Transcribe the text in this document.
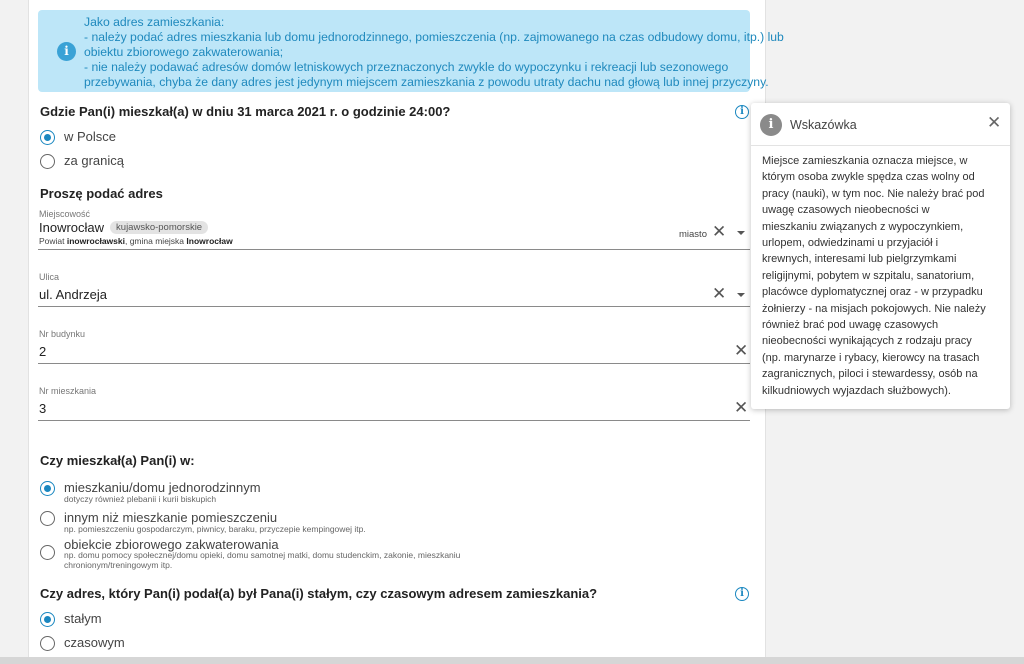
i
Jako adres zamieszkania:
- należy podać adres mieszkania lub domu jednorodzinnego, pomieszczenia (np. zajmowanego na czas odbudowy domu, itp.) lub
obiektu zbiorowego zakwaterowania;
- nie należy podawać adresów domów letniskowych przeznaczonych zwykle do wypoczynku i rekreacji lub sezonowego
przebywania, chyba że dany adres jest jedynym miejscem zamieszkania z powodu utraty dachu nad głową lub innej przyczyny.
Gdzie Pan(i) mieszkał(a) w dniu 31 marca 2021 r. o godzinie 24:00?	i
w Polsce
za granicą
Proszę podać adres
Miejscowość
Inowrocław kujawsko-pomorskie
Powiat inowrocławski, gmina miejska Inowrocław
miasto ✕
Ulica
ul. Andrzeja	✕
Nr budynku
2	✕
Nr mieszkania
3	✕
Czy mieszkał(a) Pan(i) w:
mieszkaniu/domu jednorodzinnym
dotyczy również plebanii i kurii biskupich
innym niż mieszkanie pomieszczeniu
np. pomieszczeniu gospodarczym, piwnicy, baraku, przyczepie kempingowej itp.
obiekcie zbiorowego zakwaterowania
np. domu pomocy społecznej/domu opieki, domu samotnej matki, domu studenckim, zakonie, mieszkaniu
chronionym/treningowym itp.
Czy adres, który Pan(i) podał(a) był Pana(i) stałym, czy czasowym adresem zamieszkania?	i
stałym
czasowym
i	Wskazówka	✕
Miejsce zamieszkania oznacza miejsce, w
którym osoba zwykle spędza czas wolny od
pracy (nauki), w tym noc. Nie należy brać pod
uwagę czasowych nieobecności w
mieszkaniu związanych z wypoczynkiem,
urlopem, odwiedzinami u przyjaciół i
krewnych, interesami lub pielgrzymkami
religijnymi, pobytem w szpitalu, sanatorium,
placówce dyplomatycznej oraz - w przypadku
żołnierzy - na misjach pokojowych. Nie należy
również brać pod uwagę czasowych
nieobecności wynikających z rodzaju pracy
(np. marynarze i rybacy, kierowcy na trasach
zagranicznych, piloci i stewardessy, osób na
kilkudniowych wyjazdach służbowych).
